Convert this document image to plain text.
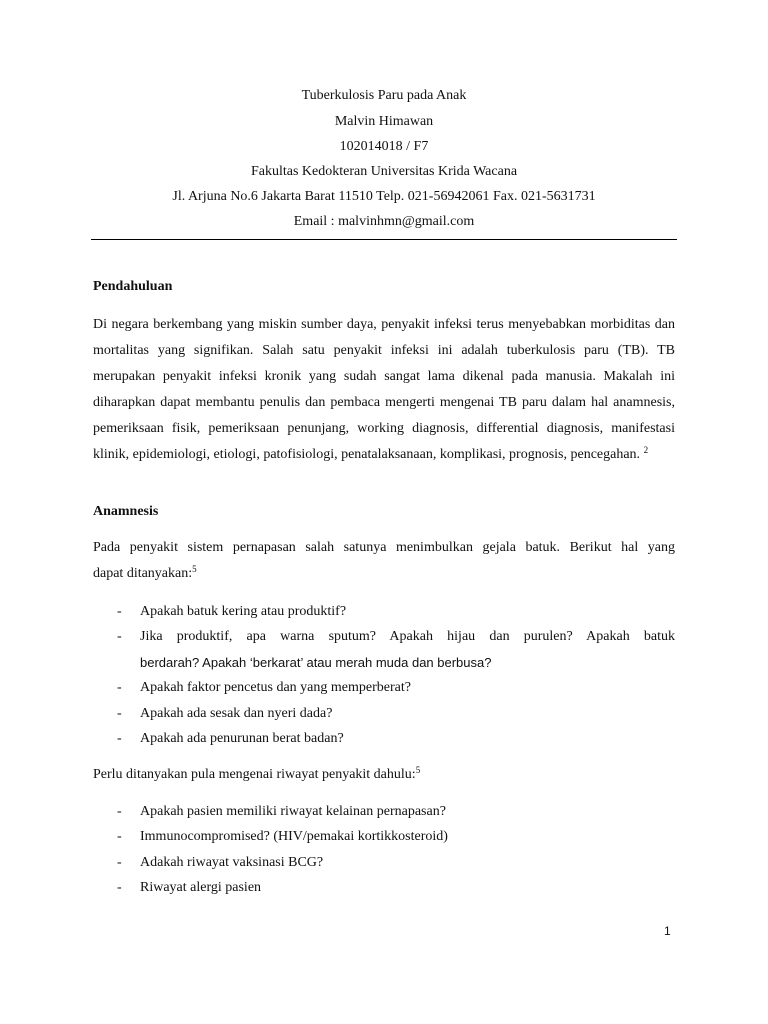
Tuberkulosis Paru pada Anak
Malvin Himawan
102014018 / F7
Fakultas Kedokteran Universitas Krida Wacana
Jl. Arjuna No.6 Jakarta Barat 11510 Telp. 021-56942061 Fax. 021-5631731
Email : malvinhmn@gmail.com
Pendahuluan
Di negara berkembang yang miskin sumber daya, penyakit infeksi terus menyebabkan morbiditas dan mortalitas yang signifikan. Salah satu penyakit infeksi ini adalah tuberkulosis paru (TB). TB merupakan penyakit infeksi kronik yang sudah sangat lama dikenal pada manusia. Makalah ini diharapkan dapat membantu penulis dan pembaca mengerti mengenai TB paru dalam hal anamnesis, pemeriksaan fisik, pemeriksaan penunjang, working diagnosis, differential diagnosis, manifestasi klinik, epidemiologi, etiologi, patofisiologi, penatalaksanaan, komplikasi, prognosis, pencegahan. $^2$
Anamnesis
Pada penyakit sistem pernapasan salah satunya menimbulkan gejala batuk. Berikut hal yang
dapat ditanyakan:$^5$
- Apakah batuk kering atau produktif?
- Jika produktif, apa warna sputum? Apakah hijau dan purulen? Apakah batuk
berdarah? Apakah ‘berkarat’ atau merah muda dan berbusa?
- Apakah faktor pencetus dan yang memperberat?
- Apakah ada sesak dan nyeri dada?
- Apakah ada penurunan berat badan?
Perlu ditanyakan pula mengenai riwayat penyakit dahulu:$^5$
- Apakah pasien memiliki riwayat kelainan pernapasan?
- Immunocompromised? (HIV/pemakai kortikkosteroid)
- Adakah riwayat vaksinasi BCG?
- Riwayat alergi pasien
1
